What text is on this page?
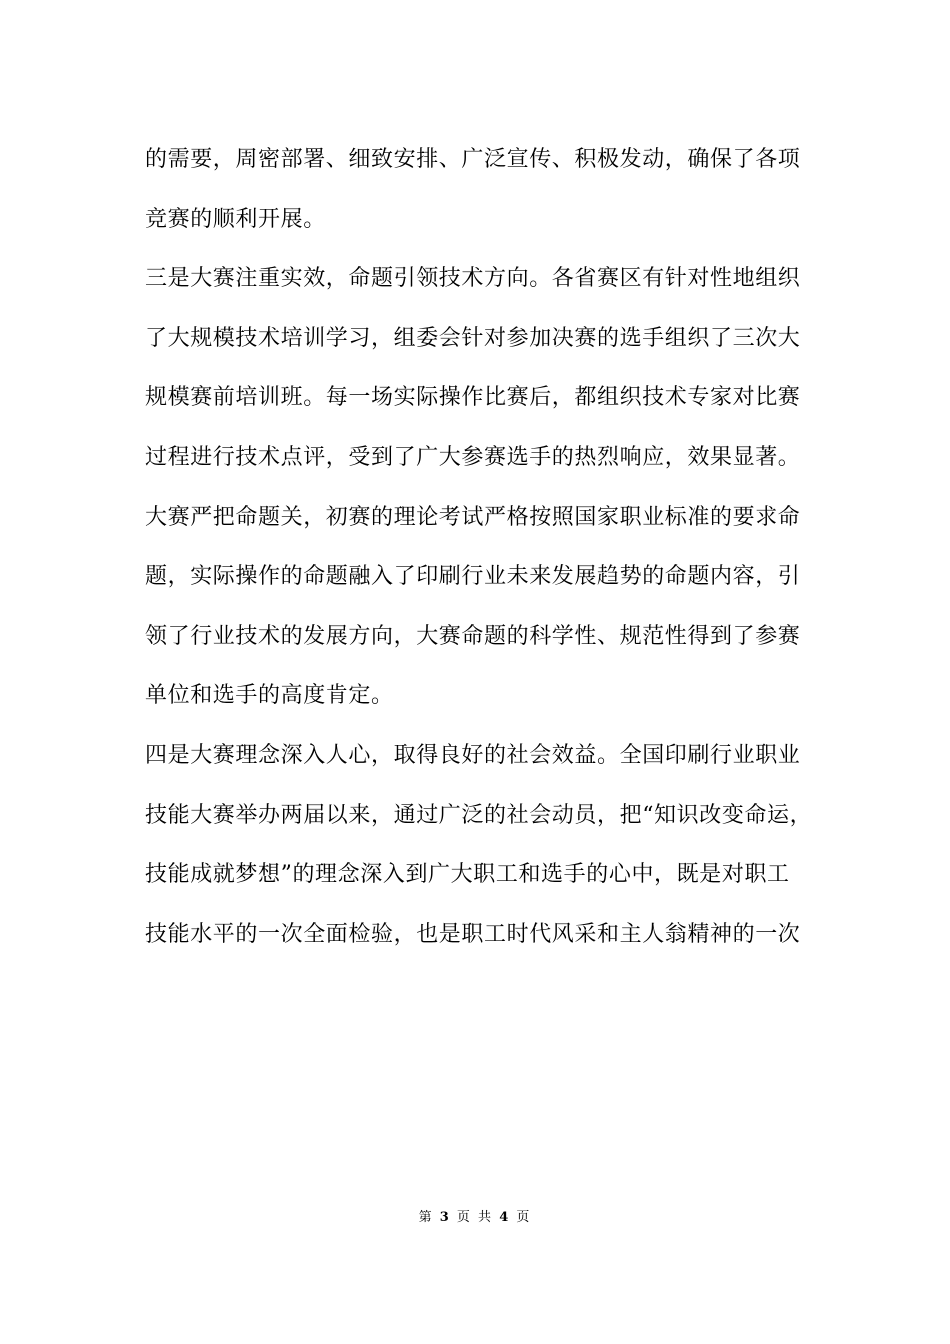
的需要，周密部署、细致安排、广泛宣传、积极发动，确保了各项
竞赛的顺利开展。
三是大赛注重实效，命题引领技术方向。各省赛区有针对性地组织
了大规模技术培训学习，组委会针对参加决赛的选手组织了三次大
规模赛前培训班。每一场实际操作比赛后，都组织技术专家对比赛
过程进行技术点评，受到了广大参赛选手的热烈响应，效果显著。
大赛严把命题关，初赛的理论考试严格按照国家职业标准的要求命
题，实际操作的命题融入了印刷行业未来发展趋势的命题内容，引
领了行业技术的发展方向，大赛命题的科学性、规范性得到了参赛
单位和选手的高度肯定。
四是大赛理念深入人心，取得良好的社会效益。全国印刷行业职业
技能大赛举办两届以来，通过广泛的社会动员，把“知识改变命运，
技能成就梦想”的理念深入到广大职工和选手的心中，既是对职工
技能水平的一次全面检验，也是职工时代风采和主人翁精神的一次
第 3 页 共 4 页
